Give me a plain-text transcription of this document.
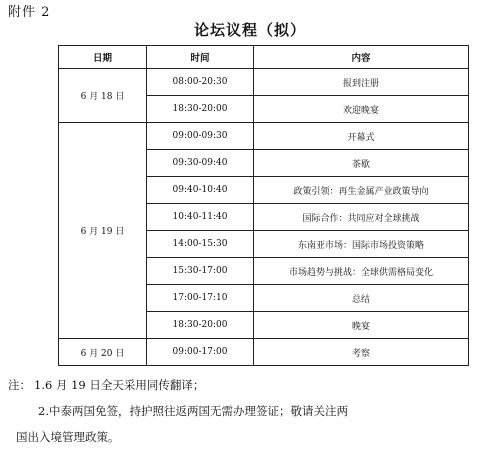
附件 2
论坛议程（拟）
日期	时间	内容
6 月 18 日	08:00-20:30	报到注册
	18:30-20:00	欢迎晚宴
6 月 19 日	09:00-09:30	开幕式
	09:30-09:40	茶歇
	09:40-10:40	政策引领：再生金属产业政策导向
	10:40-11:40	国际合作：共同应对全球挑战
	14:00-15:30	东南亚市场：国际市场投资策略
	15:30-17:00	市场趋势与挑战：全球供需格局变化
	17:00-17:10	总结
	18:30-20:00	晚宴
6 月 20 日	09:00-17:00	考察
注： 1.6 月 19 日全天采用同传翻译；
2.中泰两国免签，持护照往返两国无需办理签证；敬请关注两
国出入境管理政策。
